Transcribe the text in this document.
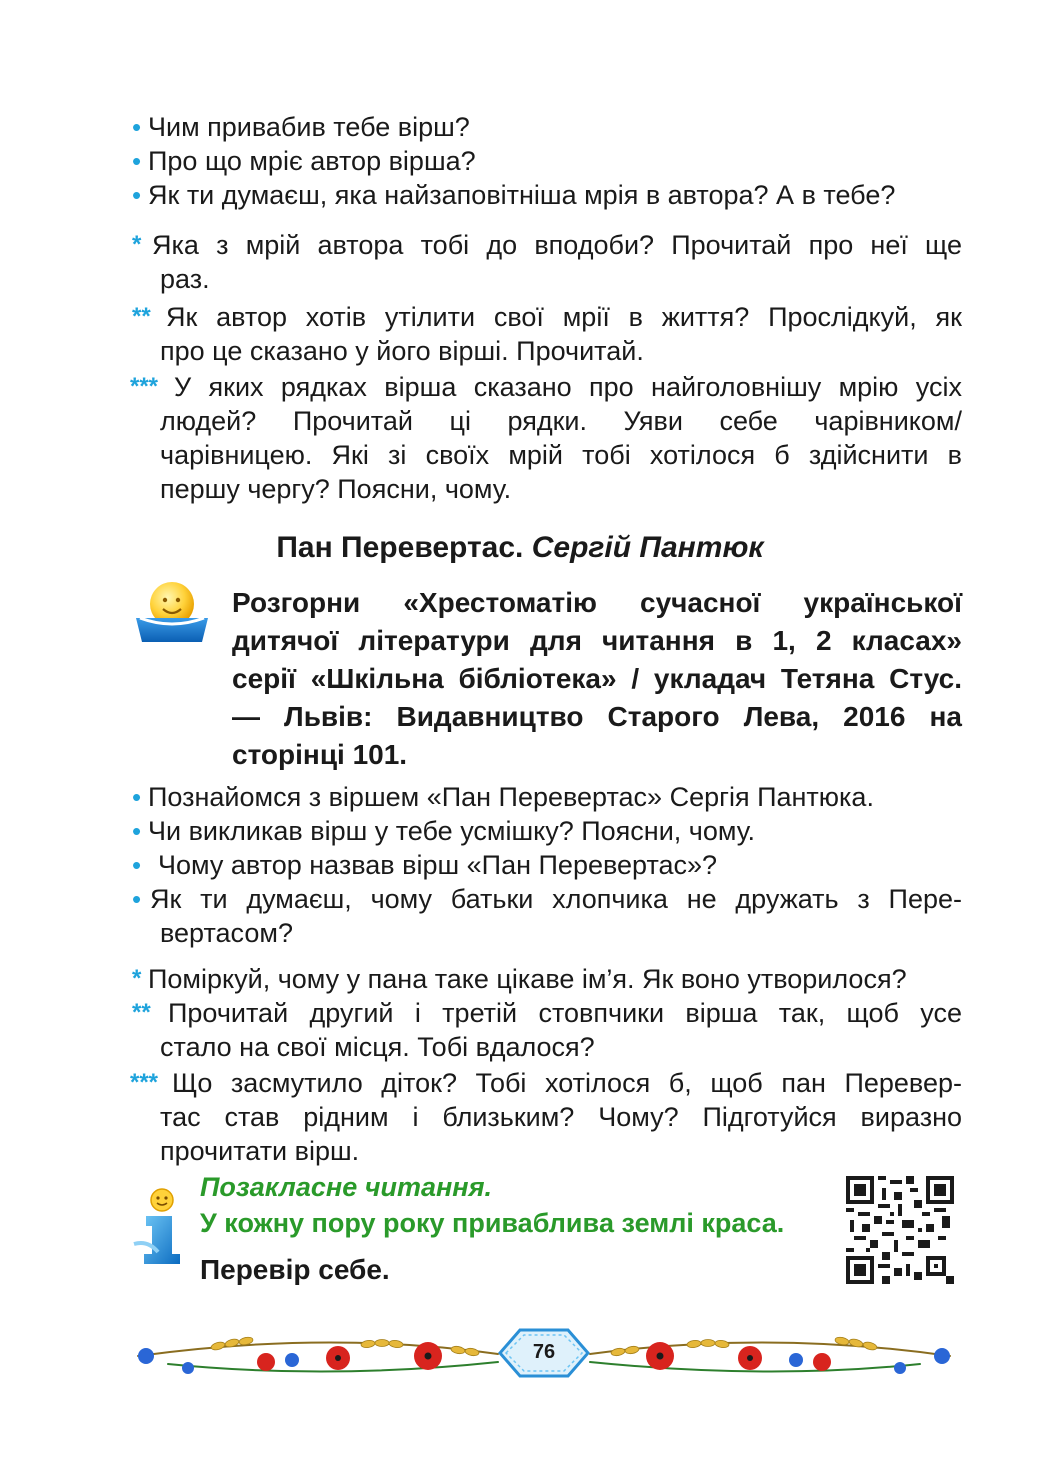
• Чим привабив тебе вірш?
• Про що мріє автор вірша?
• Як ти думаєш, яка найзаповітніша мрія в автора? А в тебе?
* Яка з мрій автора тобі до вподоби? Прочитай про неї ще
раз.
** Як автор хотів утілити свої мрії в життя? Прослідкуй, як
про це сказано у його вірші. Прочитай.
*** У яких рядках вірша сказано про найголовнішу мрію усіх
людей? Прочитай ці рядки. Уяви себе чарівником/
чарівницею. Які зі своїх мрій тобі хотілося б здійснити в
першу чергу? Поясни, чому.
Пан Перевертас. Сергій Пантюк
Розгорни «Хрестоматію сучасної української
дитячої літератури для читання в 1, 2 класах»
серії «Шкільна бібліотека» / укладач Тетяна Стус.
— Львів: Видавництво Старого Лева, 2016 на
сторінці 101.
• Познайомся з віршем «Пан Перевертас» Сергія Пантюка.
• Чи викликав вірш у тебе усмішку? Поясни, чому.
• Чому автор назвав вірш «Пан Перевертас»?
• Як ти думаєш, чому батьки хлопчика не дружать з Пере-
вертасом?
* Поміркуй, чому у пана таке цікаве ім’я. Як воно утворилося?
** Прочитай другий і третій стовпчики вірша так, щоб усе
стало на свої місця. Тобі вдалося?
*** Що засмутило діток? Тобі хотілося б, щоб пан Перевер-
тас став рідним і близьким? Чому? Підготуйся виразно
прочитати вірш.
Позакласне читання.
У кожну пору року привабливa землі краса.
Перевір себе.
76
